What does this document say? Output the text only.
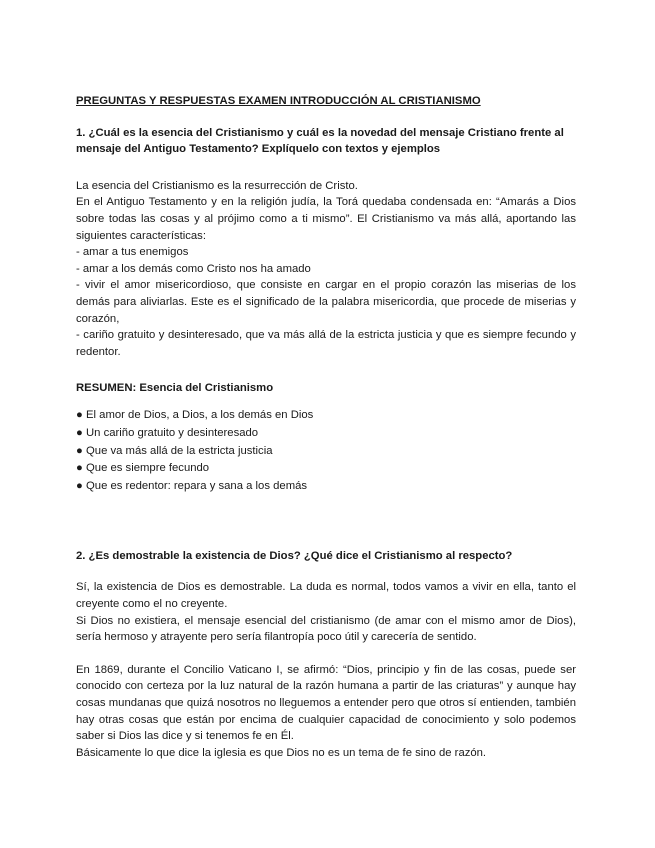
PREGUNTAS Y RESPUESTAS EXAMEN INTRODUCCIÓN AL CRISTIANISMO
1. ¿Cuál es la esencia del Cristianismo y cuál es la novedad del mensaje Cristiano frente al mensaje del Antiguo Testamento? Explíquelo con textos y ejemplos

La esencia del Cristianismo es la resurrección de Cristo.

En el Antiguo Testamento y en la religión judía, la Torá quedaba condensada en: “Amarás a Dios sobre todas las cosas y al prójimo como a ti mismo”. El Cristianismo va más allá, aportando las siguientes características:

- amar a tus enemigos
- amar a los demás como Cristo nos ha amado
- vivir el amor misericordioso, que consiste en cargar en el propio corazón las miserias de los demás para aliviarlas. Este es el significado de la palabra misericordia, que procede de miserias y corazón,
- cariño gratuito y desinteresado, que va más allá de la estricta justicia y que es siempre fecundo y redentor.
RESUMEN: Esencia del Cristianismo
● El amor de Dios, a Dios, a los demás en Dios
● Un cariño gratuito y desinteresado
● Que va más allá de la estricta justicia
● Que es siempre fecundo
● Que es redentor: repara y sana a los demás
2. ¿Es demostrable la existencia de Dios? ¿Qué dice el Cristianismo al respecto?

Sí, la existencia de Dios es demostrable. La duda es normal, todos vamos a vivir en ella, tanto el creyente como el no creyente.

Si Dios no existiera, el mensaje esencial del cristianismo (de amar con el mismo amor de Dios), sería hermoso y atrayente pero sería filantropía poco útil y carecería de sentido.

En 1869, durante el Concilio Vaticano I, se afirmó: “Dios, principio y fin de las cosas, puede ser conocido con certeza por la luz natural de la razón humana a partir de las criaturas” y aunque hay cosas mundanas que quizá nosotros no lleguemos a entender pero que otros sí entienden, también hay otras cosas que están por encima de cualquier capacidad de conocimiento y solo podemos saber si Dios las dice y si tenemos fe en Él.

Básicamente lo que dice la iglesia es que Dios no es un tema de fe sino de razón.
